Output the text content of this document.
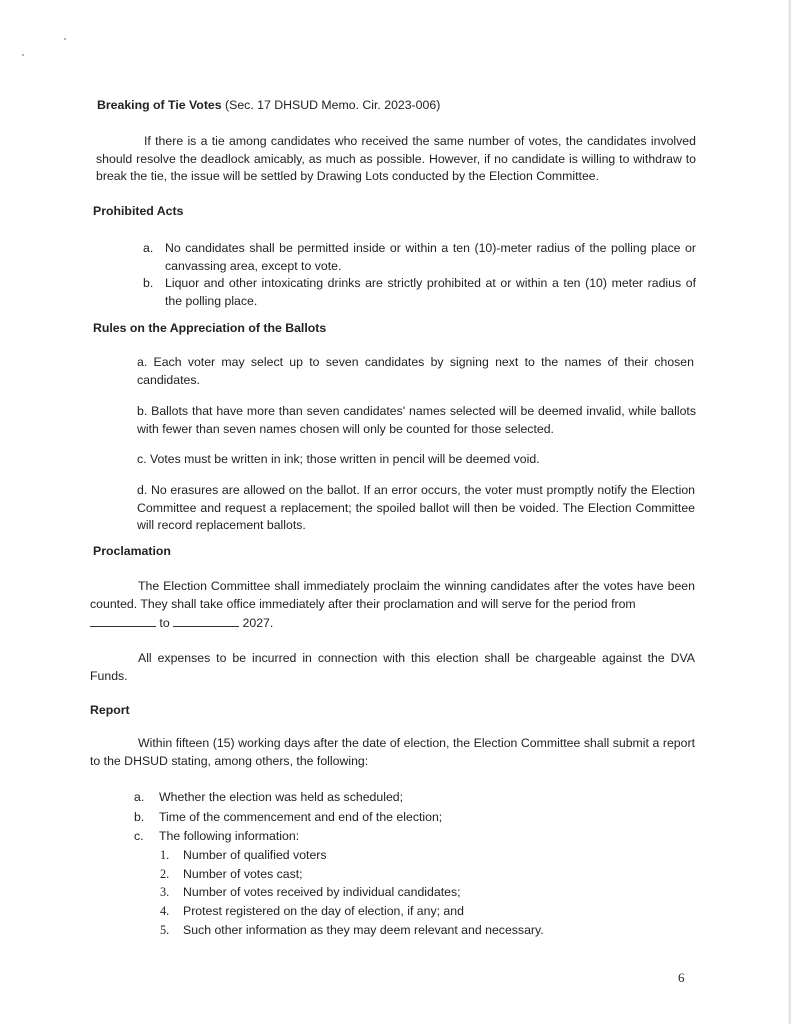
Breaking of Tie Votes (Sec. 17 DHSUD Memo. Cir. 2023-006)
If there is a tie among candidates who received the same number of votes, the candidates involved should resolve the deadlock amicably, as much as possible. However, if no candidate is willing to withdraw to break the tie, the issue will be settled by Drawing Lots conducted by the Election Committee.
Prohibited Acts
a. No candidates shall be permitted inside or within a ten (10)-meter radius of the polling place or canvassing area, except to vote.
b. Liquor and other intoxicating drinks are strictly prohibited at or within a ten (10) meter radius of the polling place.
Rules on the Appreciation of the Ballots
a. Each voter may select up to seven candidates by signing next to the names of their chosen candidates.
b. Ballots that have more than seven candidates' names selected will be deemed invalid, while ballots with fewer than seven names chosen will only be counted for those selected.
c. Votes must be written in ink; those written in pencil will be deemed void.
d. No erasures are allowed on the ballot. If an error occurs, the voter must promptly notify the Election Committee and request a replacement; the spoiled ballot will then be voided. The Election Committee will record replacement ballots.
Proclamation
The Election Committee shall immediately proclaim the winning candidates after the votes have been counted. They shall take office immediately after their proclamation and will serve for the period from
to	2027.
All expenses to be incurred in connection with this election shall be chargeable against the DVA Funds.
Report
Within fifteen (15) working days after the date of election, the Election Committee shall submit a report to the DHSUD stating, among others, the following:
a. Whether the election was held as scheduled;
b. Time of the commencement and end of the election;
c. The following information:
1. Number of qualified voters
2. Number of votes cast;
3. Number of votes received by individual candidates;
4. Protest registered on the day of election, if any; and
5. Such other information as they may deem relevant and necessary.
6
